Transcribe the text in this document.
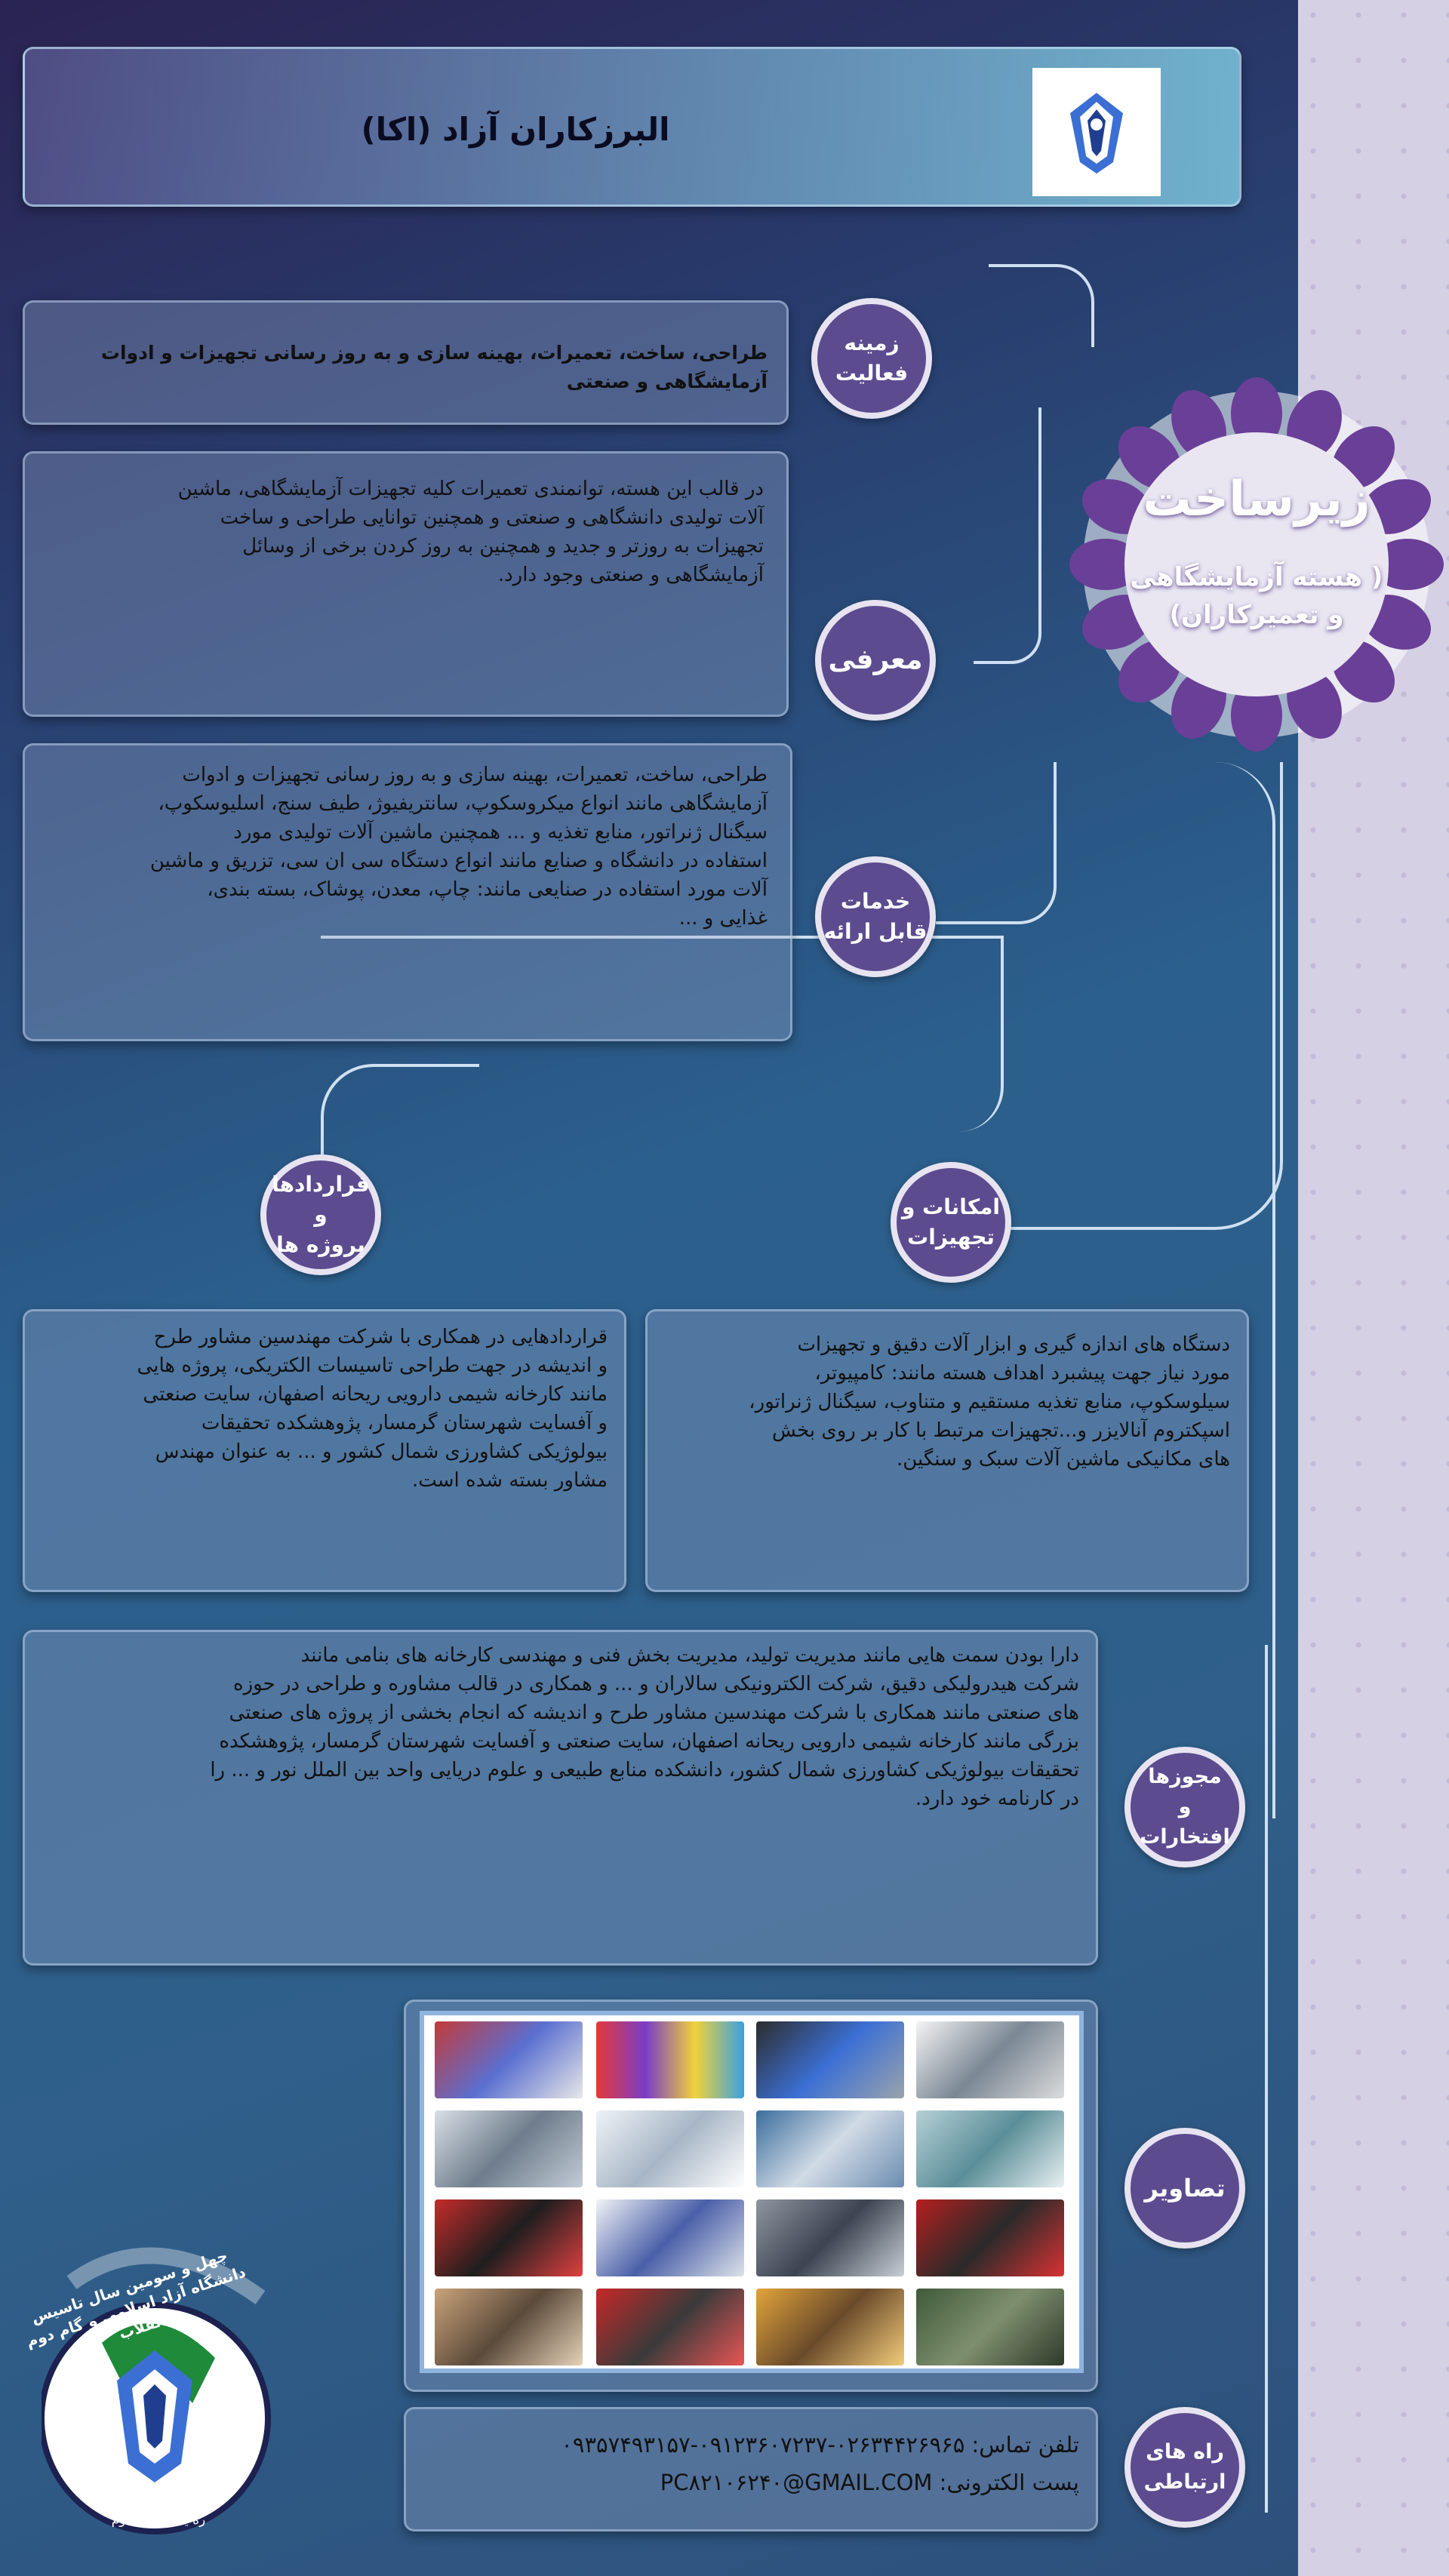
البرزکاران آزاد (اکا)
زیرساخت
( هسته آزمایشگاهی
و تعمیرکاران)

طراحی، ساخت، تعمیرات، بهینه سازی و به روز رسانی تجهیزات و ادوات آزمایشگاهی و صنعتی

زمینه
فعالیت

در قالب این هسته، توانمندی تعمیرات کلیه تجهیزات آزمایشگاهی، ماشین
آلات تولیدی دانشگاهی و صنعتی و همچنین توانایی طراحی و ساخت
تجهیزات به روزتر و جدید و همچنین به روز کردن برخی از وسائل
آزمایشگاهی و صنعتی وجود دارد.

معرفی

طراحی، ساخت، تعمیرات، بهینه سازی و به روز رسانی تجهیزات و ادوات
آزمایشگاهی مانند انواع میکروسکوپ، سانتریفیوژ، طیف سنج، اسلیوسکوپ،
سیگنال ژنراتور، منابع تغذیه و ... همچنین ماشین آلات تولیدی مورد
استفاده در دانشگاه و صنایع مانند انواع دستگاه سی ان سی، تزریق و ماشین
آلات مورد استفاده در صنایعی مانند: چاپ، معدن، پوشاک، بسته بندی،
غذایی و ...

خدمات
قابل ارائه
قراردادها و
پروژه ها

قراردادهایی در همکاری با شرکت مهندسین مشاور طرح
و اندیشه در جهت طراحی تاسیسات الکتریکی، پروژه هایی
مانند کارخانه شیمی دارویی ریحانه اصفهان، سایت صنعتی
و آفسایت شهرستان گرمسار، پژوهشکده تحقیقات
بیولوژیکی کشاورزی شمال کشور و ... به عنوان مهندس
مشاور بسته شده است.

امکانات و
تجهیزات

دستگاه های اندازه گیری و ابزار آلات دقیق و تجهیزات
مورد نیاز جهت پیشبرد اهداف هسته مانند: کامپیوتر،
سیلوسکوپ، منابع تغذیه مستقیم و متناوب، سیگنال ژنراتور،
اسپکتروم آنالایزر و...تجهیزات مرتبط با کار بر روی بخش
های مکانیکی ماشین آلات سبک و سنگین.

دارا بودن سمت هایی مانند مدیریت تولید، مدیریت بخش فنی و مهندسی کارخانه های بنامی مانند
شرکت هیدرولیکی دقیق، شرکت الکترونیکی سالاران و ... و همکاری در قالب مشاوره و طراحی در حوزه
های صنعتی مانند همکاری با شرکت مهندسین مشاور طرح و اندیشه که انجام بخشی از پروژه های صنعتی
بزرگی مانند کارخانه شیمی دارویی ریحانه اصفهان، سایت صنعتی و آفسایت شهرستان گرمسار، پژوهشکده
تحقیقات بیولوژیکی کشاورزی شمال کشور، دانشکده منابع طبیعی و علوم دریایی واحد بین الملل نور و ... را
در کارنامه خود دارد.

مجوزها
و افتخارات
تصاویر

تلفن تماس: ۰۲۶۳۴۴۲۶۹۶۵-۰۹۱۲۳۶۰۷۲۳۷-۰۹۳۵۷۴۹۳۱۵۷

پست الکترونی: PC۸۲۱۰۶۲۴۰@GMAIL.COM

راه های
ارتباطی
ره یادایی گام دوم
چهل و سومین سال تاسیس دانشگاه آزاد اسلامی و گام دوم انقلاب
